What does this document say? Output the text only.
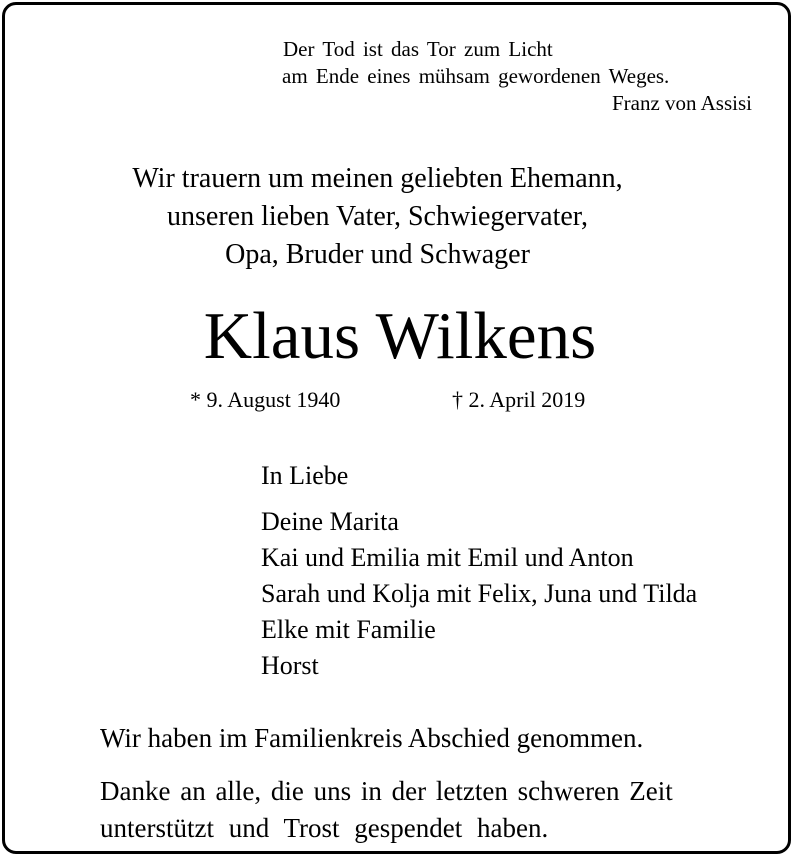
Der Tod ist das Tor zum Licht
am Ende eines mühsam gewordenen Weges.
Franz von Assisi
Wir trauern um meinen geliebten Ehemann,
unseren lieben Vater, Schwiegervater,
Opa, Bruder und Schwager
Klaus Wilkens
* 9. August 1940	† 2. April 2019
In Liebe
Deine Marita
Kai und Emilia mit Emil und Anton
Sarah und Kolja mit Felix, Juna und Tilda
Elke mit Familie
Horst
Wir haben im Familienkreis Abschied genommen.
Danke an alle, die uns in der letzten schweren Zeit
unterstützt und Trost gespendet haben.
